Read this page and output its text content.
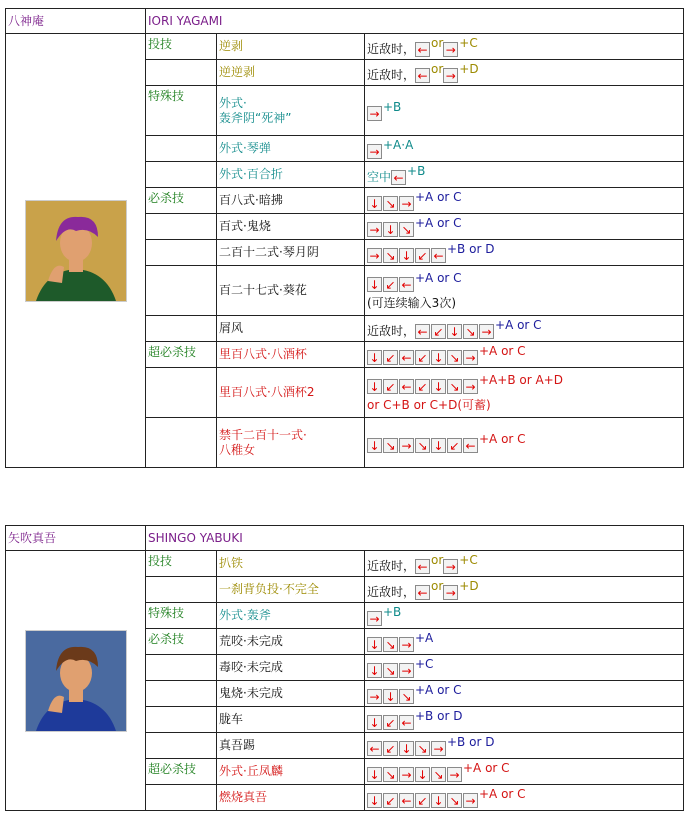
八神庵	IORI YAGAMI		

	投技	逆剥	近敌时， ← or → +C

		逆逆剥	近敌时， ← or → +D

	特殊技	外式·
轰斧阴“死神”	→ +B

		外式·琴弹	→ +A·A

		外式·百合折	空中 ← +B

	必杀技	百八式·暗拂	↓ ↘ → +A or C

		百式·鬼烧	→ ↓ ↘ +A or C

		二百十二式·琴月阴	→ ↘ ↓ ↙ ← +B or D

		百二十七式·葵花	↓ ↙ ← +A or C
(可连续输入3次)

		屑风	近敌时， ← ↙ ↓ ↘ → +A or C

	超必杀技	里百八式·八酒杯	↓ ↙ ← ↙ ↓ ↘ → +A or C

		里百八式·八酒杯2	↓ ↙ ← ↙ ↓ ↘ → +A+B or A+D
or C+B or C+D(可蓄)

		禁千二百十一式·
八稚女	↓ ↘ → ↘ ↓ ↙ ← +A or C
矢吹真吾	SHINGO YABUKI		

	投技	扒铁	近敌时， ← or → +C

		一刹背负投·不完全	近敌时， ← or → +D

	特殊技	外式·轰斧	→ +B

	必杀技	荒咬·未完成	↓ ↘ → +A

		毒咬·未完成	↓ ↘ → +C

		鬼烧·未完成	→ ↓ ↘ +A or C

		胧车	↓ ↙ ← +B or D

		真吾踢	← ↙ ↓ ↘ → +B or D

	超必杀技	外式·丘凤麟	↓ ↘ → ↓ ↘ → +A or C

		燃烧真吾	↓ ↙ ← ↙ ↓ ↘ → +A or C
